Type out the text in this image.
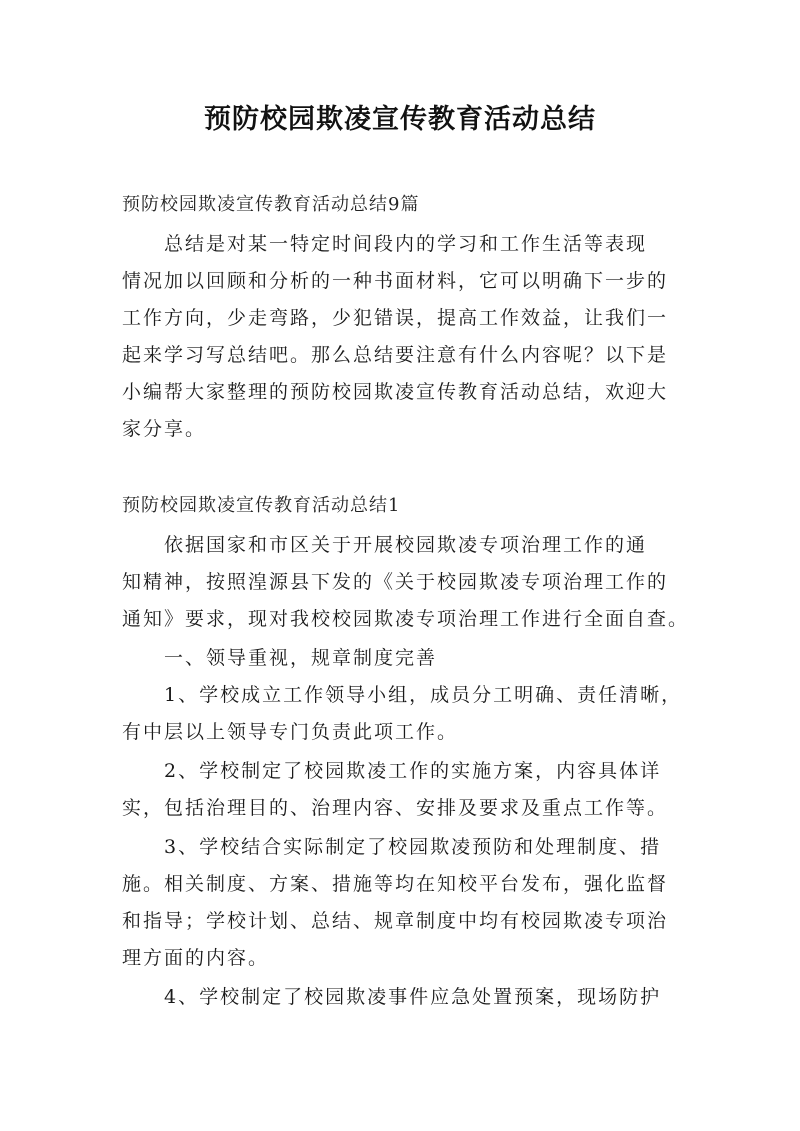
预防校园欺凌宣传教育活动总结
预防校园欺凌宣传教育活动总结9篇
总结是对某一特定时间段内的学习和工作生活等表现
情况加以回顾和分析的一种书面材料，它可以明确下一步的
工作方向，少走弯路，少犯错误，提高工作效益，让我们一
起来学习写总结吧。那么总结要注意有什么内容呢？以下是
小编帮大家整理的预防校园欺凌宣传教育活动总结，欢迎大
家分享。
预防校园欺凌宣传教育活动总结1
依据国家和市区关于开展校园欺凌专项治理工作的通
知精神，按照湟源县下发的《关于校园欺凌专项治理工作的
通知》要求，现对我校校园欺凌专项治理工作进行全面自查。
一、领导重视，规章制度完善
1、学校成立工作领导小组，成员分工明确、责任清晰，
有中层以上领导专门负责此项工作。
2、学校制定了校园欺凌工作的实施方案，内容具体详
实，包括治理目的、治理内容、安排及要求及重点工作等。
3、学校结合实际制定了校园欺凌预防和处理制度、措
施。相关制度、方案、措施等均在知校平台发布，强化监督
和指导；学校计划、总结、规章制度中均有校园欺凌专项治
理方面的内容。
4、学校制定了校园欺凌事件应急处置预案，现场防护
